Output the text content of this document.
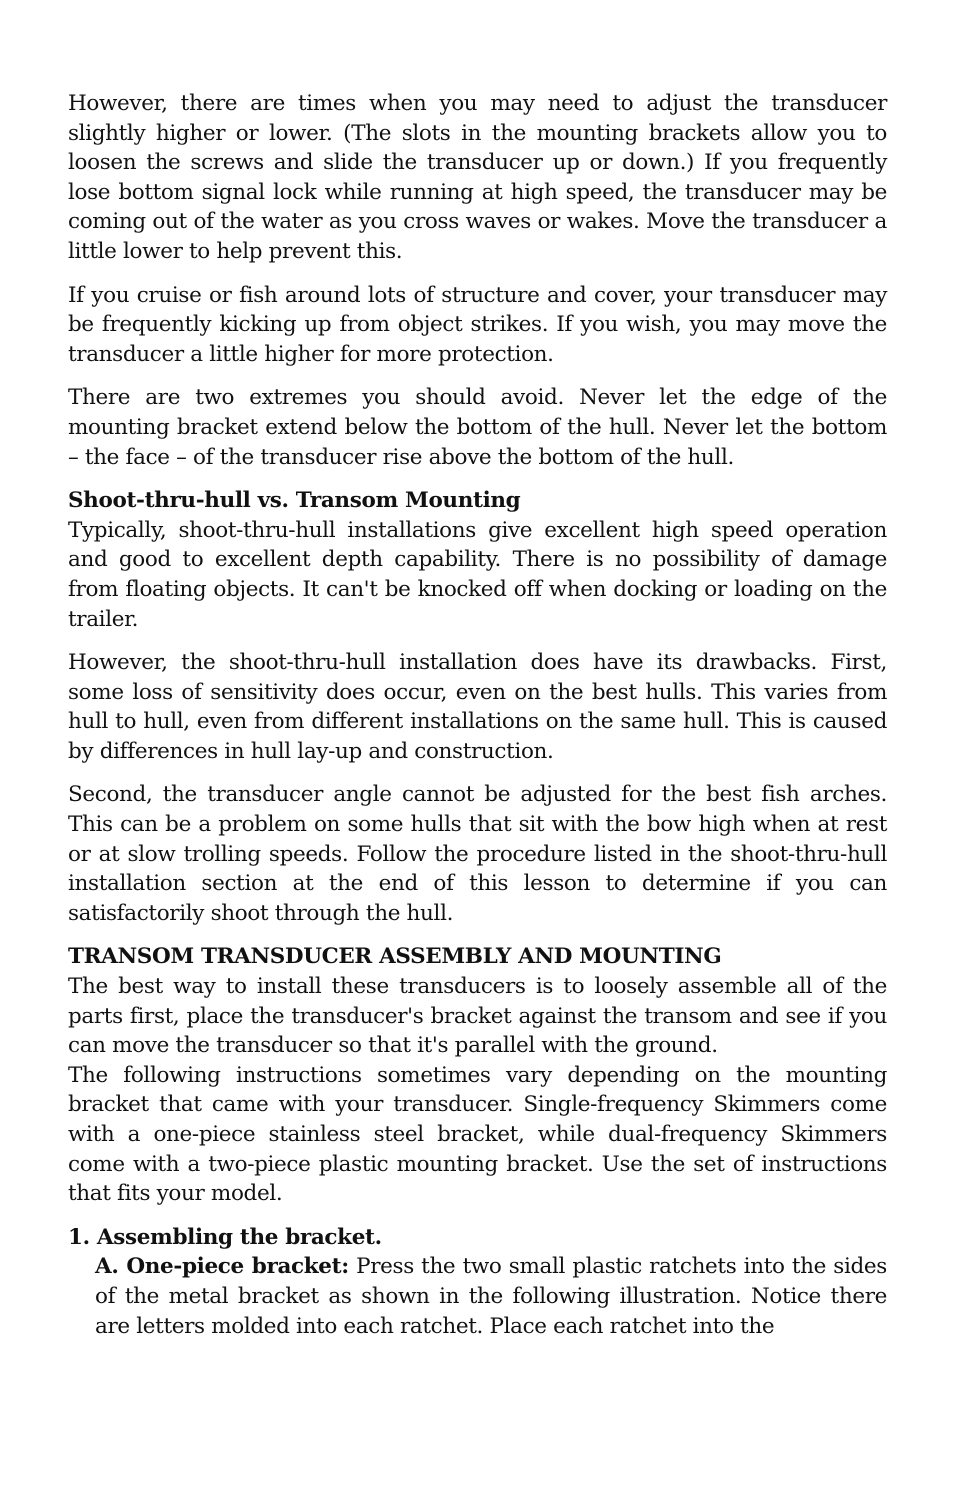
However, there are times when you may need to adjust the transducer slightly higher or lower. (The slots in the mounting brackets allow you to loosen the screws and slide the transducer up or down.) If you frequently lose bottom signal lock while running at high speed, the transducer may be coming out of the water as you cross waves or wakes. Move the transducer a little lower to help prevent this.

If you cruise or fish around lots of structure and cover, your transducer may be frequently kicking up from object strikes. If you wish, you may move the transducer a little higher for more protection.

There are two extremes you should avoid. Never let the edge of the mounting bracket extend below the bottom of the hull. Never let the bottom – the face – of the transducer rise above the bottom of the hull.

Shoot-thru-hull vs. Transom Mounting

Typically, shoot-thru-hull installations give excellent high speed operation and good to excellent depth capability. There is no possibility of damage from floating objects. It can't be knocked off when docking or loading on the trailer.

However, the shoot-thru-hull installation does have its drawbacks. First, some loss of sensitivity does occur, even on the best hulls. This varies from hull to hull, even from different installations on the same hull. This is caused by differences in hull lay-up and construction.

Second, the transducer angle cannot be adjusted for the best fish arches. This can be a problem on some hulls that sit with the bow high when at rest or at slow trolling speeds. Follow the procedure listed in the shoot-thru-hull installation section at the end of this lesson to determine if you can satisfactorily shoot through the hull.

TRANSOM TRANSDUCER ASSEMBLY AND MOUNTING

The best way to install these transducers is to loosely assemble all of the parts first, place the transducer's bracket against the transom and see if you can move the transducer so that it's parallel with the ground.

The following instructions sometimes vary depending on the mounting bracket that came with your transducer. Single-frequency Skimmers come with a one-piece stainless steel bracket, while dual-frequency Skimmers come with a two-piece plastic mounting bracket. Use the set of instructions that fits your model.

1. Assembling the bracket.

A. One-piece bracket: Press the two small plastic ratchets into the sides of the metal bracket as shown in the following illustration. Notice there are letters molded into each ratchet. Place each ratchet into the
